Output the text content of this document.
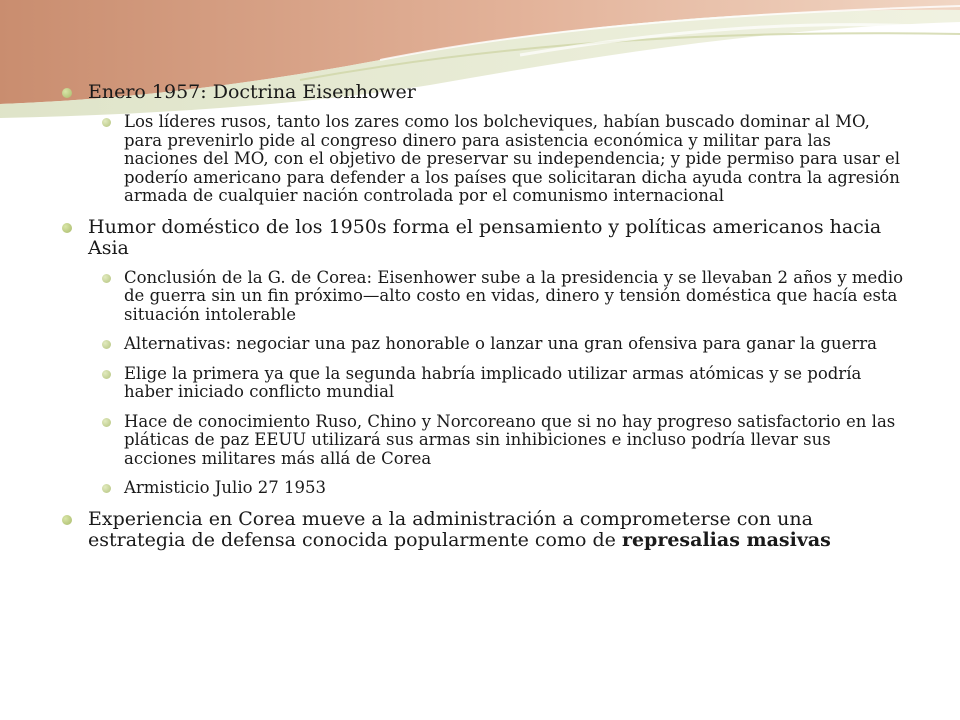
Enero 1957: Doctrina Eisenhower
Los líderes rusos, tanto los zares como los bolcheviques, habían buscado dominar al MO, para prevenirlo pide al congreso dinero para asistencia económica y militar para las naciones del MO, con el objetivo de preservar su independencia; y pide permiso para usar el poderío americano para defender a los países que solicitaran dicha ayuda contra la agresión armada de cualquier nación controlada por el comunismo internacional
Humor doméstico de los 1950s forma el pensamiento y políticas americanos hacia Asia
Conclusión de la G. de Corea: Eisenhower sube a la presidencia y se llevaban 2 años y medio de guerra sin un fin próximo—alto costo en vidas, dinero y tensión doméstica que hacía esta situación intolerable
Alternativas: negociar una paz honorable o lanzar una gran ofensiva para ganar la guerra
Elige la primera ya que la segunda habría implicado utilizar armas atómicas y se podría haber iniciado conflicto mundial
Hace de conocimiento Ruso, Chino y Norcoreano que si no hay progreso satisfactorio en las pláticas de paz EEUU utilizará sus armas sin inhibiciones e incluso podría llevar sus acciones militares más allá de Corea
Armisticio Julio 27 1953
Experiencia en Corea mueve a la administración a comprometerse con una estrategia de defensa conocida popularmente como de represalias masivas
